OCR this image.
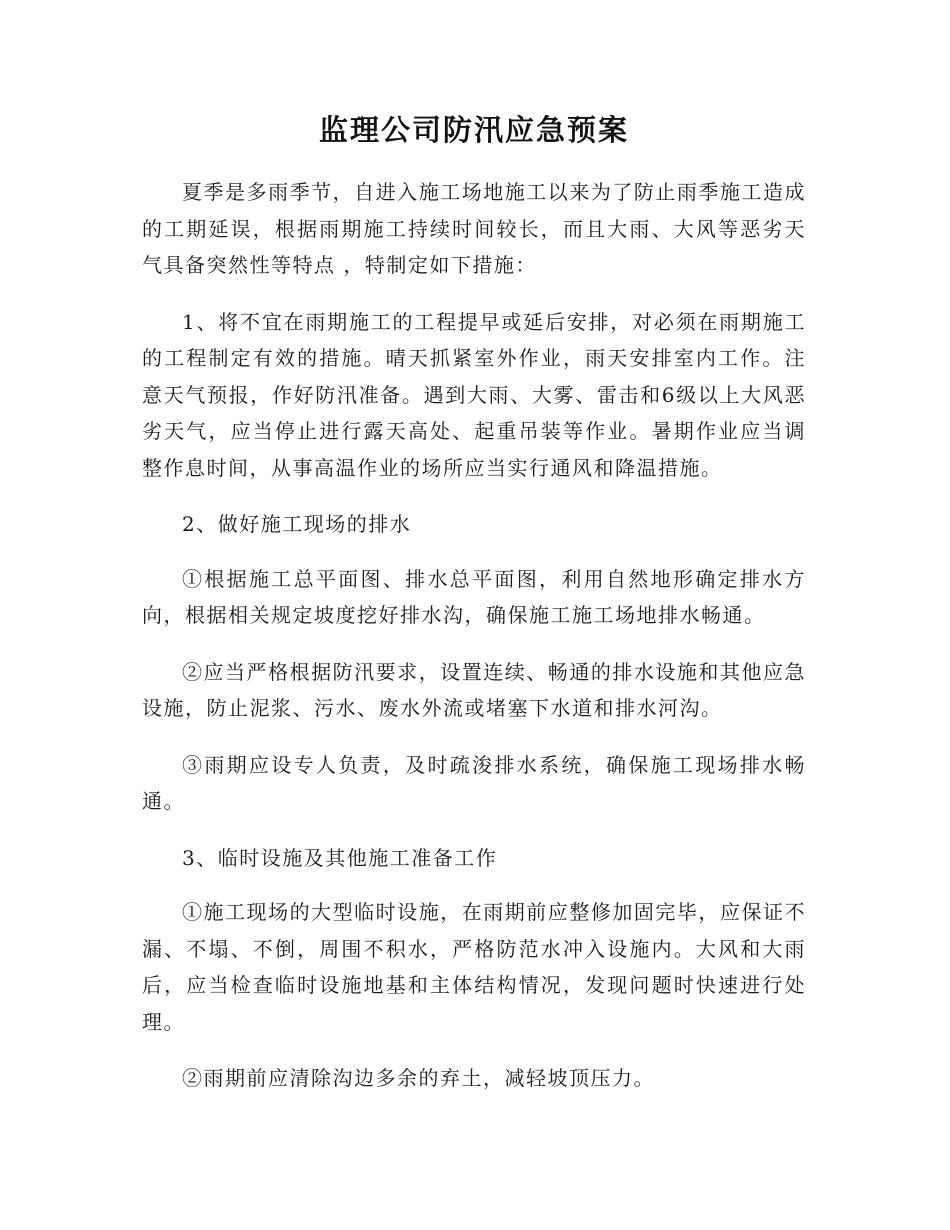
监理公司防汛应急预案

夏季是多雨季节，自进入施工场地施工以来为了防止雨季施工造成的工期延误，根据雨期施工持续时间较长，而且大雨、大风等恶劣天气具备突然性等特点 ，特制定如下措施：

1、将不宜在雨期施工的工程提早或延后安排，对必须在雨期施工的工程制定有效的措施。晴天抓紧室外作业，雨天安排室内工作。注意天气预报，作好防汛准备。遇到大雨、大雾、雷击和6级以上大风恶劣天气，应当停止进行露天高处、起重吊装等作业。暑期作业应当调整作息时间，从事高温作业的场所应当实行通风和降温措施。

2、做好施工现场的排水

①根据施工总平面图、排水总平面图，利用自然地形确定排水方向，根据相关规定坡度挖好排水沟，确保施工施工场地排水畅通。

②应当严格根据防汛要求，设置连续、畅通的排水设施和其他应急设施，防止泥浆、污水、废水外流或堵塞下水道和排水河沟。

③雨期应设专人负责，及时疏浚排水系统，确保施工现场排水畅通。

3、临时设施及其他施工准备工作

①施工现场的大型临时设施，在雨期前应整修加固完毕，应保证不漏、不塌、不倒，周围不积水，严格防范水冲入设施内。大风和大雨后，应当检查临时设施地基和主体结构情况，发现问题时快速进行处理。

②雨期前应清除沟边多余的弃土，减轻坡顶压力。
